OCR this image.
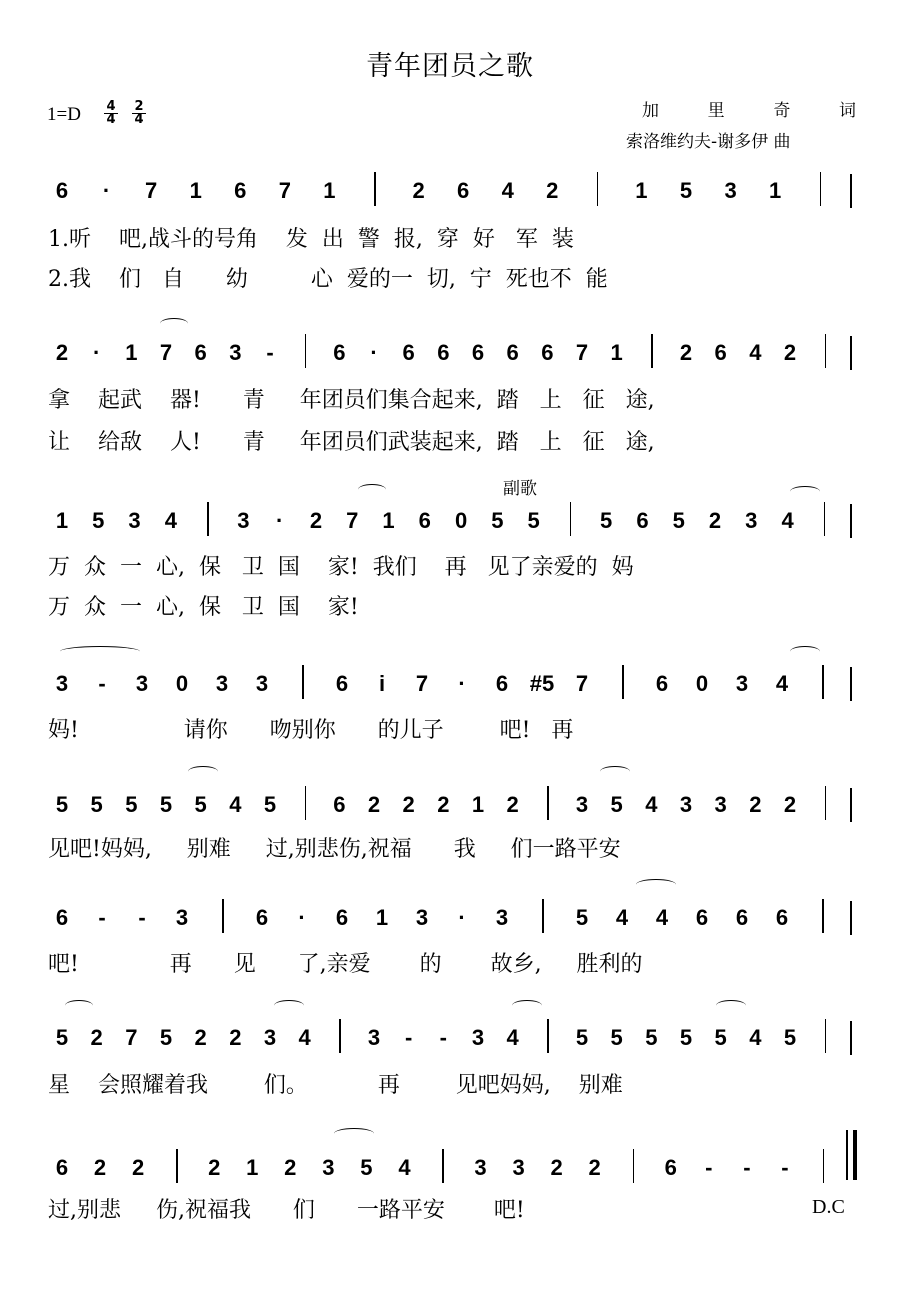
青年团员之歌
1=D 4
4
2
4	加里奇词
索洛维约夫-谢多伊 曲
6 · 7 1 6 7 1	2 6 4 2	1 5 3 1
1.听    吧,战斗的号角    发  出  警  报,  穿  好   军  装
2.我    们   自      幼         心  爱的一  切,  宁  死也不  能
2 · 1 7 6 3 -	6 · 6 6 6 6 6 7 1	2 6 4 2
拿    起武    器!      青     年团员们集合起来,  踏   上   征   途,
让    给敌    人!      青     年团员们武装起来,  踏   上   征   途,
1 5 3 4	3 · 2 7 1 6 0 5 5	5 6 5 2 3 4
万  众  一  心,  保   卫  国    家!  我们    再   见了亲爱的  妈
万  众  一  心,  保   卫  国    家!
3 - 3 0 3 3	6 i 7 · 6 #5 7	6 0 3 4
妈!               请你      吻别你      的儿子        吧!   再
5 5 5 5 5 4 5	6 2 2 2 1 2	3 5 4 3 3 2 2
见吧!妈妈,     别难     过,别悲伤,祝福      我     们一路平安
6 - - 3	6 · 6 1 3 · 3	5 4 4 6 6 6
吧!             再      见      了,亲爱       的       故乡,     胜利的
5 2 7 5 2 2 3 4	3 - - 3 4	5 5 5 5 5 4 5
星    会照耀着我        们。          再        见吧妈妈,    别难
6 2 2	2 1 2 3 5 4	3 3 2 2	6 - - -
过,别悲     伤,祝福我      们      一路平安       吧!
副歌
D.C
